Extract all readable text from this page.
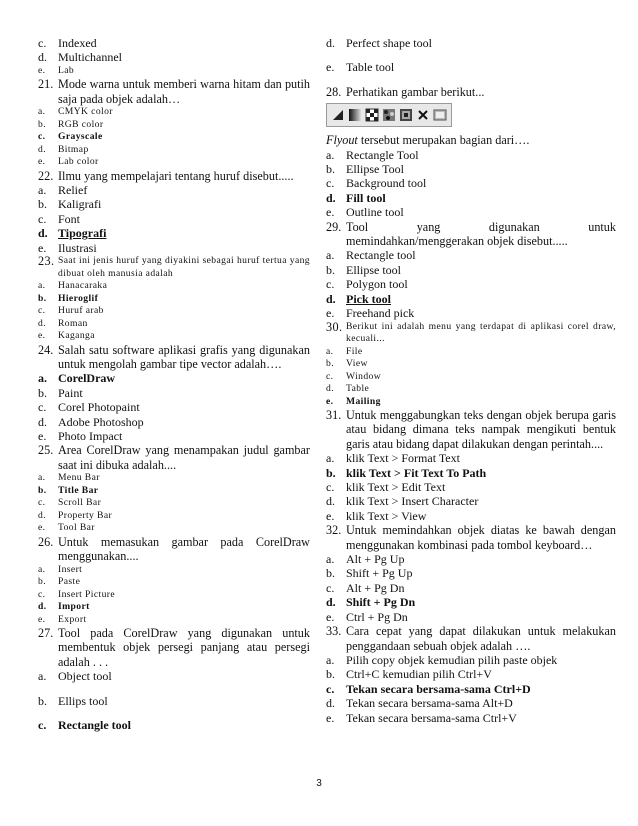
c. Indexed
d. Multichannel
e.	Lab
21. Mode warna untuk memberi warna hitam dan putih saja pada objek adalah…
a.	CMYK color
b.	RGB color
c.	Grayscale
d.	Bitmap
e.	Lab color
22. Ilmu yang mempelajari tentang huruf disebut.....
a. Relief
b. Kaligrafi
c. Font
d. Tipografi
e. Ilustrasi
23. Saat ini jenis huruf yang diyakini sebagai huruf tertua yang dibuat oleh manusia adalah
a.	Hanacaraka
b.	Hieroglif
c.	Huruf arab
d.	Roman
e.	Kaganga
24. Salah satu software aplikasi grafis yang digunakan untuk mengolah gambar tipe vector adalah….
a. CorelDraw
b. Paint
c. Corel Photopaint
d. Adobe Photoshop
e. Photo Impact
25. Area CorelDraw yang menampakan judul gambar saat ini dibuka adalah....
a.	Menu Bar
b.	Title Bar
c.	Scroll Bar
d.	Property Bar
e.	Tool Bar
26. Untuk memasukan gambar pada CorelDraw menggunakan....
a.	Insert
b.	Paste
c.	Insert Picture
d.	Import
e.	Export
27. Tool pada CorelDraw yang digunakan untuk membentuk objek persegi panjang atau persegi adalah . . .
a. Object tool
b. Ellips tool
c. Rectangle tool
d. Perfect shape tool
e. Table tool
28. Perhatikan gambar berikut...
Flyout tersebut merupakan bagian dari….
a. Rectangle Tool
b. Ellipse Tool
c. Background tool
d. Fill tool
e. Outline tool
29. Tool yang digunakan untuk memindahkan/menggerakan objek disebut.....
a. Rectangle tool
b. Ellipse tool
c. Polygon tool
d. Pick tool
e. Freehand pick
30. Berikut ini adalah menu yang terdapat di aplikasi corel draw, kecuali...
a.	File
b.	View
c.	Window
d.	Table
e.	Mailing
31. Untuk menggabungkan teks dengan objek berupa garis atau bidang dimana teks nampak mengikuti bentuk garis atau bidang dapat dilakukan dengan perintah....
a. klik Text > Format Text
b. klik Text > Fit Text To Path
c. klik Text > Edit Text
d. klik Text > Insert Character
e. klik Text > View
32. Untuk memindahkan objek diatas ke bawah dengan menggunakan kombinasi pada tombol keyboard…
a. Alt + Pg Up
b. Shift + Pg Up
c. Alt + Pg Dn
d. Shift + Pg Dn
e. Ctrl + Pg Dn
33. Cara cepat yang dapat dilakukan untuk melakukan penggandaan sebuah objek adalah ….
a. Pilih copy objek kemudian pilih paste objek
b. Ctrl+C kemudian pilih Ctrl+V
c. Tekan secara bersama-sama Ctrl+D
d. Tekan secara bersama-sama Alt+D
e. Tekan secara bersama-sama Ctrl+V
3
